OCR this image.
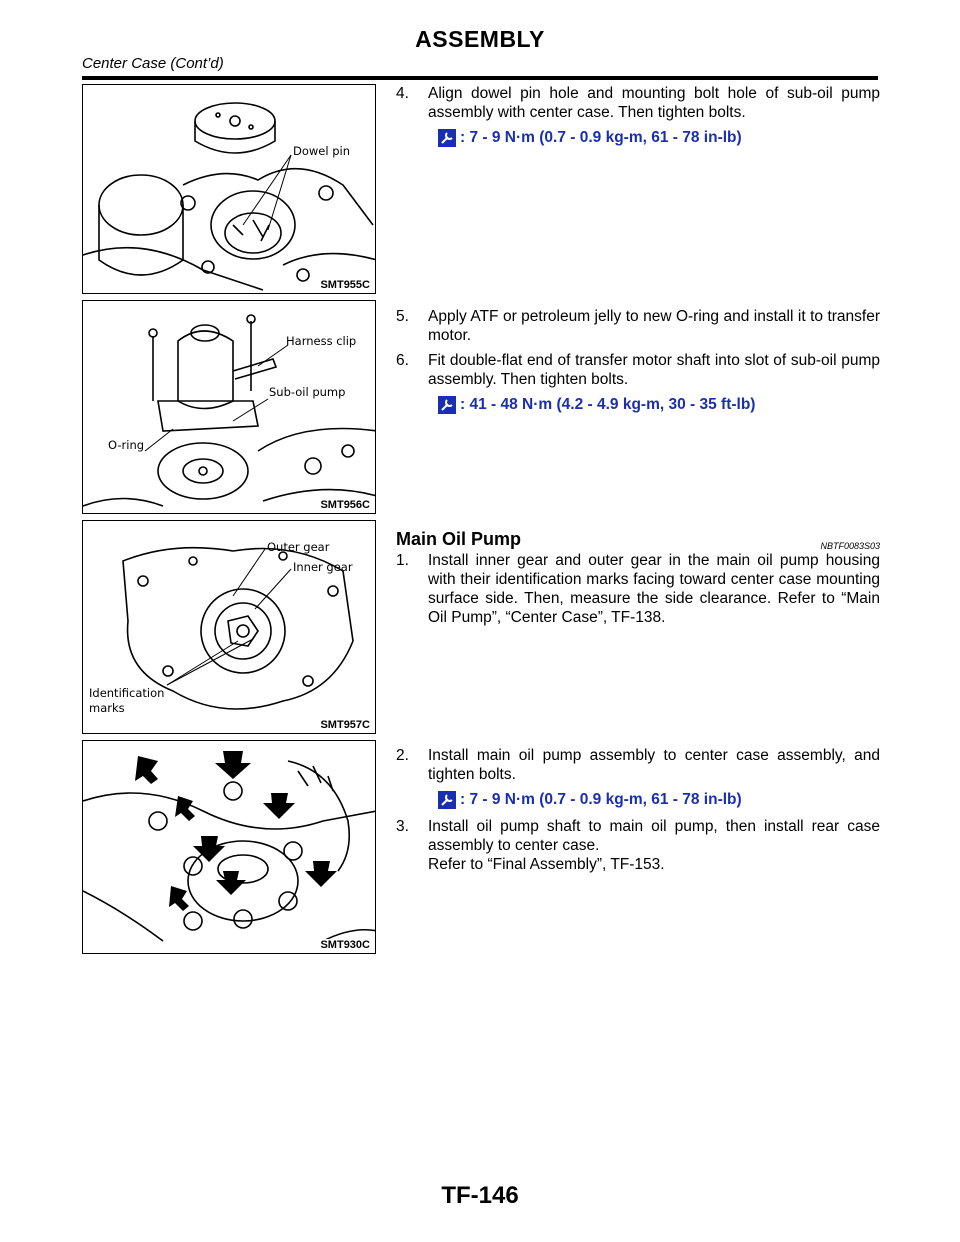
ASSEMBLY
Center Case (Cont’d)
Dowel pin
SMT955C
Harness clip
Sub-oil pump
O-ring
SMT956C
Outer gear
Inner gear
Identification
marks
SMT957C
SMT930C

4. Align dowel pin hole and mounting bolt hole of sub-oil pump assembly with center case. Then tighten bolts.

:
7 - 9 N·m (0.7 - 0.9 kg-m, 61 - 78 in-lb)

5. Apply ATF or petroleum jelly to new O-ring and install it to transfer motor.

6. Fit double-flat end of transfer motor shaft into slot of sub-oil pump assembly. Then tighten bolts.

:
41 - 48 N·m (4.2 - 4.9 kg-m, 30 - 35 ft-lb)
Main Oil Pump	NBTF0083S03

1. Install inner gear and outer gear in the main oil pump housing with their identification marks facing toward center case mounting surface side. Then, measure the side clearance. Refer to “Main Oil Pump”, “Center Case”, TF-138.

2. Install main oil pump assembly to center case assembly, and tighten bolts.

:
7 - 9 N·m (0.7 - 0.9 kg-m, 61 - 78 in-lb)

3. Install oil pump shaft to main oil pump, then install rear case assembly to center case.

Refer to “Final Assembly”, TF-153.
TF-146
